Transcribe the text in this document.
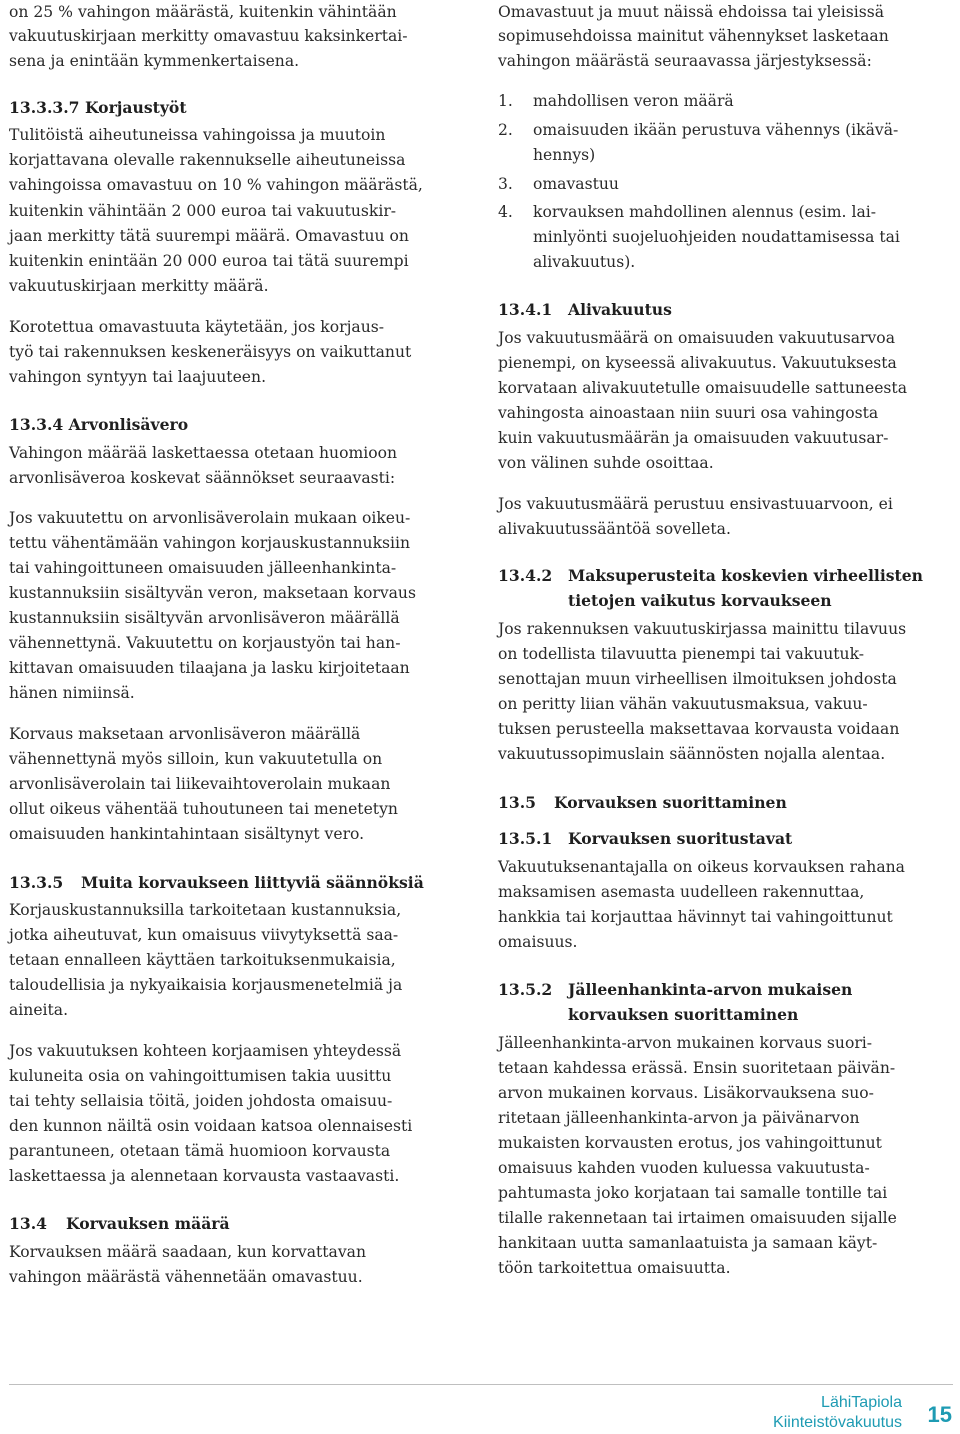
on 25 % vahingon määrästä, kuitenkin vähintään

vakuutuskirjaan merkitty omavastuu kaksinkertai-

sena ja enintään kymmenkertaisena.

13.3.3.7 Korjaustyöt

Tulitöistä aiheutuneissa vahingoissa ja muutoin

korjattavana olevalle rakennukselle aiheutuneissa

vahingoissa omavastuu on 10 % vahingon määrästä,

kuitenkin vähintään 2 000 euroa tai vakuutuskir-

jaan merkitty tätä suurempi määrä. Omavastuu on

kuitenkin enintään 20 000 euroa tai tätä suurempi

vakuutuskirjaan merkitty määrä.

Korotettua omavastuuta käytetään, jos korjaus-

työ tai rakennuksen keskeneräisyys on vaikuttanut

vahingon syntyyn tai laajuuteen.

13.3.4 Arvonlisävero

Vahingon määrää laskettaessa otetaan huomioon

arvonlisäveroa koskevat säännökset seuraavasti:

Jos vakuutettu on arvonlisäverolain mukaan oikeu-

tettu vähentämään vahingon korjauskustannuksiin

tai vahingoittuneen omaisuuden jälleenhankinta-

kustannuksiin sisältyvän veron, maksetaan korvaus

kustannuksiin sisältyvän arvonlisäveron määrällä

vähennettynä. Vakuutettu on korjaustyön tai han-

kittavan omaisuuden tilaajana ja lasku kirjoitetaan

hänen nimiinsä.

Korvaus maksetaan arvonlisäveron määrällä

vähennettynä myös silloin, kun vakuutetulla on

arvonlisäverolain tai liikevaihtoverolain mukaan

ollut oikeus vähentää tuhoutuneen tai menetetyn

omaisuuden hankintahintaan sisältynyt vero.

13.3.5 Muita korvaukseen liittyviä säännöksiä

Korjauskustannuksilla tarkoitetaan kustannuksia,

jotka aiheutuvat, kun omaisuus viivytyksettä saa-

tetaan ennalleen käyttäen tarkoituksenmukaisia,

taloudellisia ja nykyaikaisia korjausmenetelmiä ja

aineita.

Jos vakuutuksen kohteen korjaamisen yhteydessä

kuluneita osia on vahingoittumisen takia uusittu

tai tehty sellaisia töitä, joiden johdosta omaisuu-

den kunnon näiltä osin voidaan katsoa olennaisesti

parantuneen, otetaan tämä huomioon korvausta

laskettaessa ja alennetaan korvausta vastaavasti.

13.4 Korvauksen määrä

Korvauksen määrä saadaan, kun korvattavan

vahingon määrästä vähennetään omavastuu.

Omavastuut ja muut näissä ehdoissa tai yleisissä

sopimusehdoissa mainitut vähennykset lasketaan

vahingon määrästä seuraavassa järjestyksessä:

1. mahdollisen veron määrä

2. omaisuuden ikään perustuva vähennys (ikävä-

hennys)

3. omavastuu

4. korvauksen mahdollinen alennus (esim. lai-

minlyönti suojeluohjeiden noudattamisessa tai

alivakuutus).

13.4.1 Alivakuutus

Jos vakuutusmäärä on omaisuuden vakuutusarvoa

pienempi, on kyseessä alivakuutus. Vakuutuksesta

korvataan alivakuutetulle omaisuudelle sattuneesta

vahingosta ainoastaan niin suuri osa vahingosta

kuin vakuutusmäärän ja omaisuuden vakuutusar-

von välinen suhde osoittaa.

Jos vakuutusmäärä perustuu ensivastuuarvoon, ei

alivakuutussääntöä sovelleta.

13.4.2 Maksuperusteita koskevien virheellisten

tietojen vaikutus korvaukseen

Jos rakennuksen vakuutuskirjassa mainittu tilavuus

on todellista tilavuutta pienempi tai vakuutuk-

senottajan muun virheellisen ilmoituksen johdosta

on peritty liian vähän vakuutusmaksua, vakuu-

tuksen perusteella maksettavaa korvausta voidaan

vakuutussopimuslain säännösten nojalla alentaa.

13.5 Korvauksen suorittaminen

13.5.1 Korvauksen suoritustavat

Vakuutuksenantajalla on oikeus korvauksen rahana

maksamisen asemasta uudelleen rakennuttaa,

hankkia tai korjauttaa hävinnyt tai vahingoittunut

omaisuus.

13.5.2 Jälleenhankinta-arvon mukaisen

korvauksen suorittaminen

Jälleenhankinta-arvon mukainen korvaus suori-

tetaan kahdessa erässä. Ensin suoritetaan päivän-

arvon mukainen korvaus. Lisäkorvauksena suo-

ritetaan jälleenhankinta-arvon ja päivänarvon

mukaisten korvausten erotus, jos vahingoittunut

omaisuus kahden vuoden kuluessa vakuutusta-

pahtumasta joko korjataan tai samalle tontille tai

tilalle rakennetaan tai irtaimen omaisuuden sijalle

hankitaan uutta samanlaatuista ja samaan käyt-

töön tarkoitettua omaisuutta.

LähiTapiola
Kiinteistövakuutus 15
